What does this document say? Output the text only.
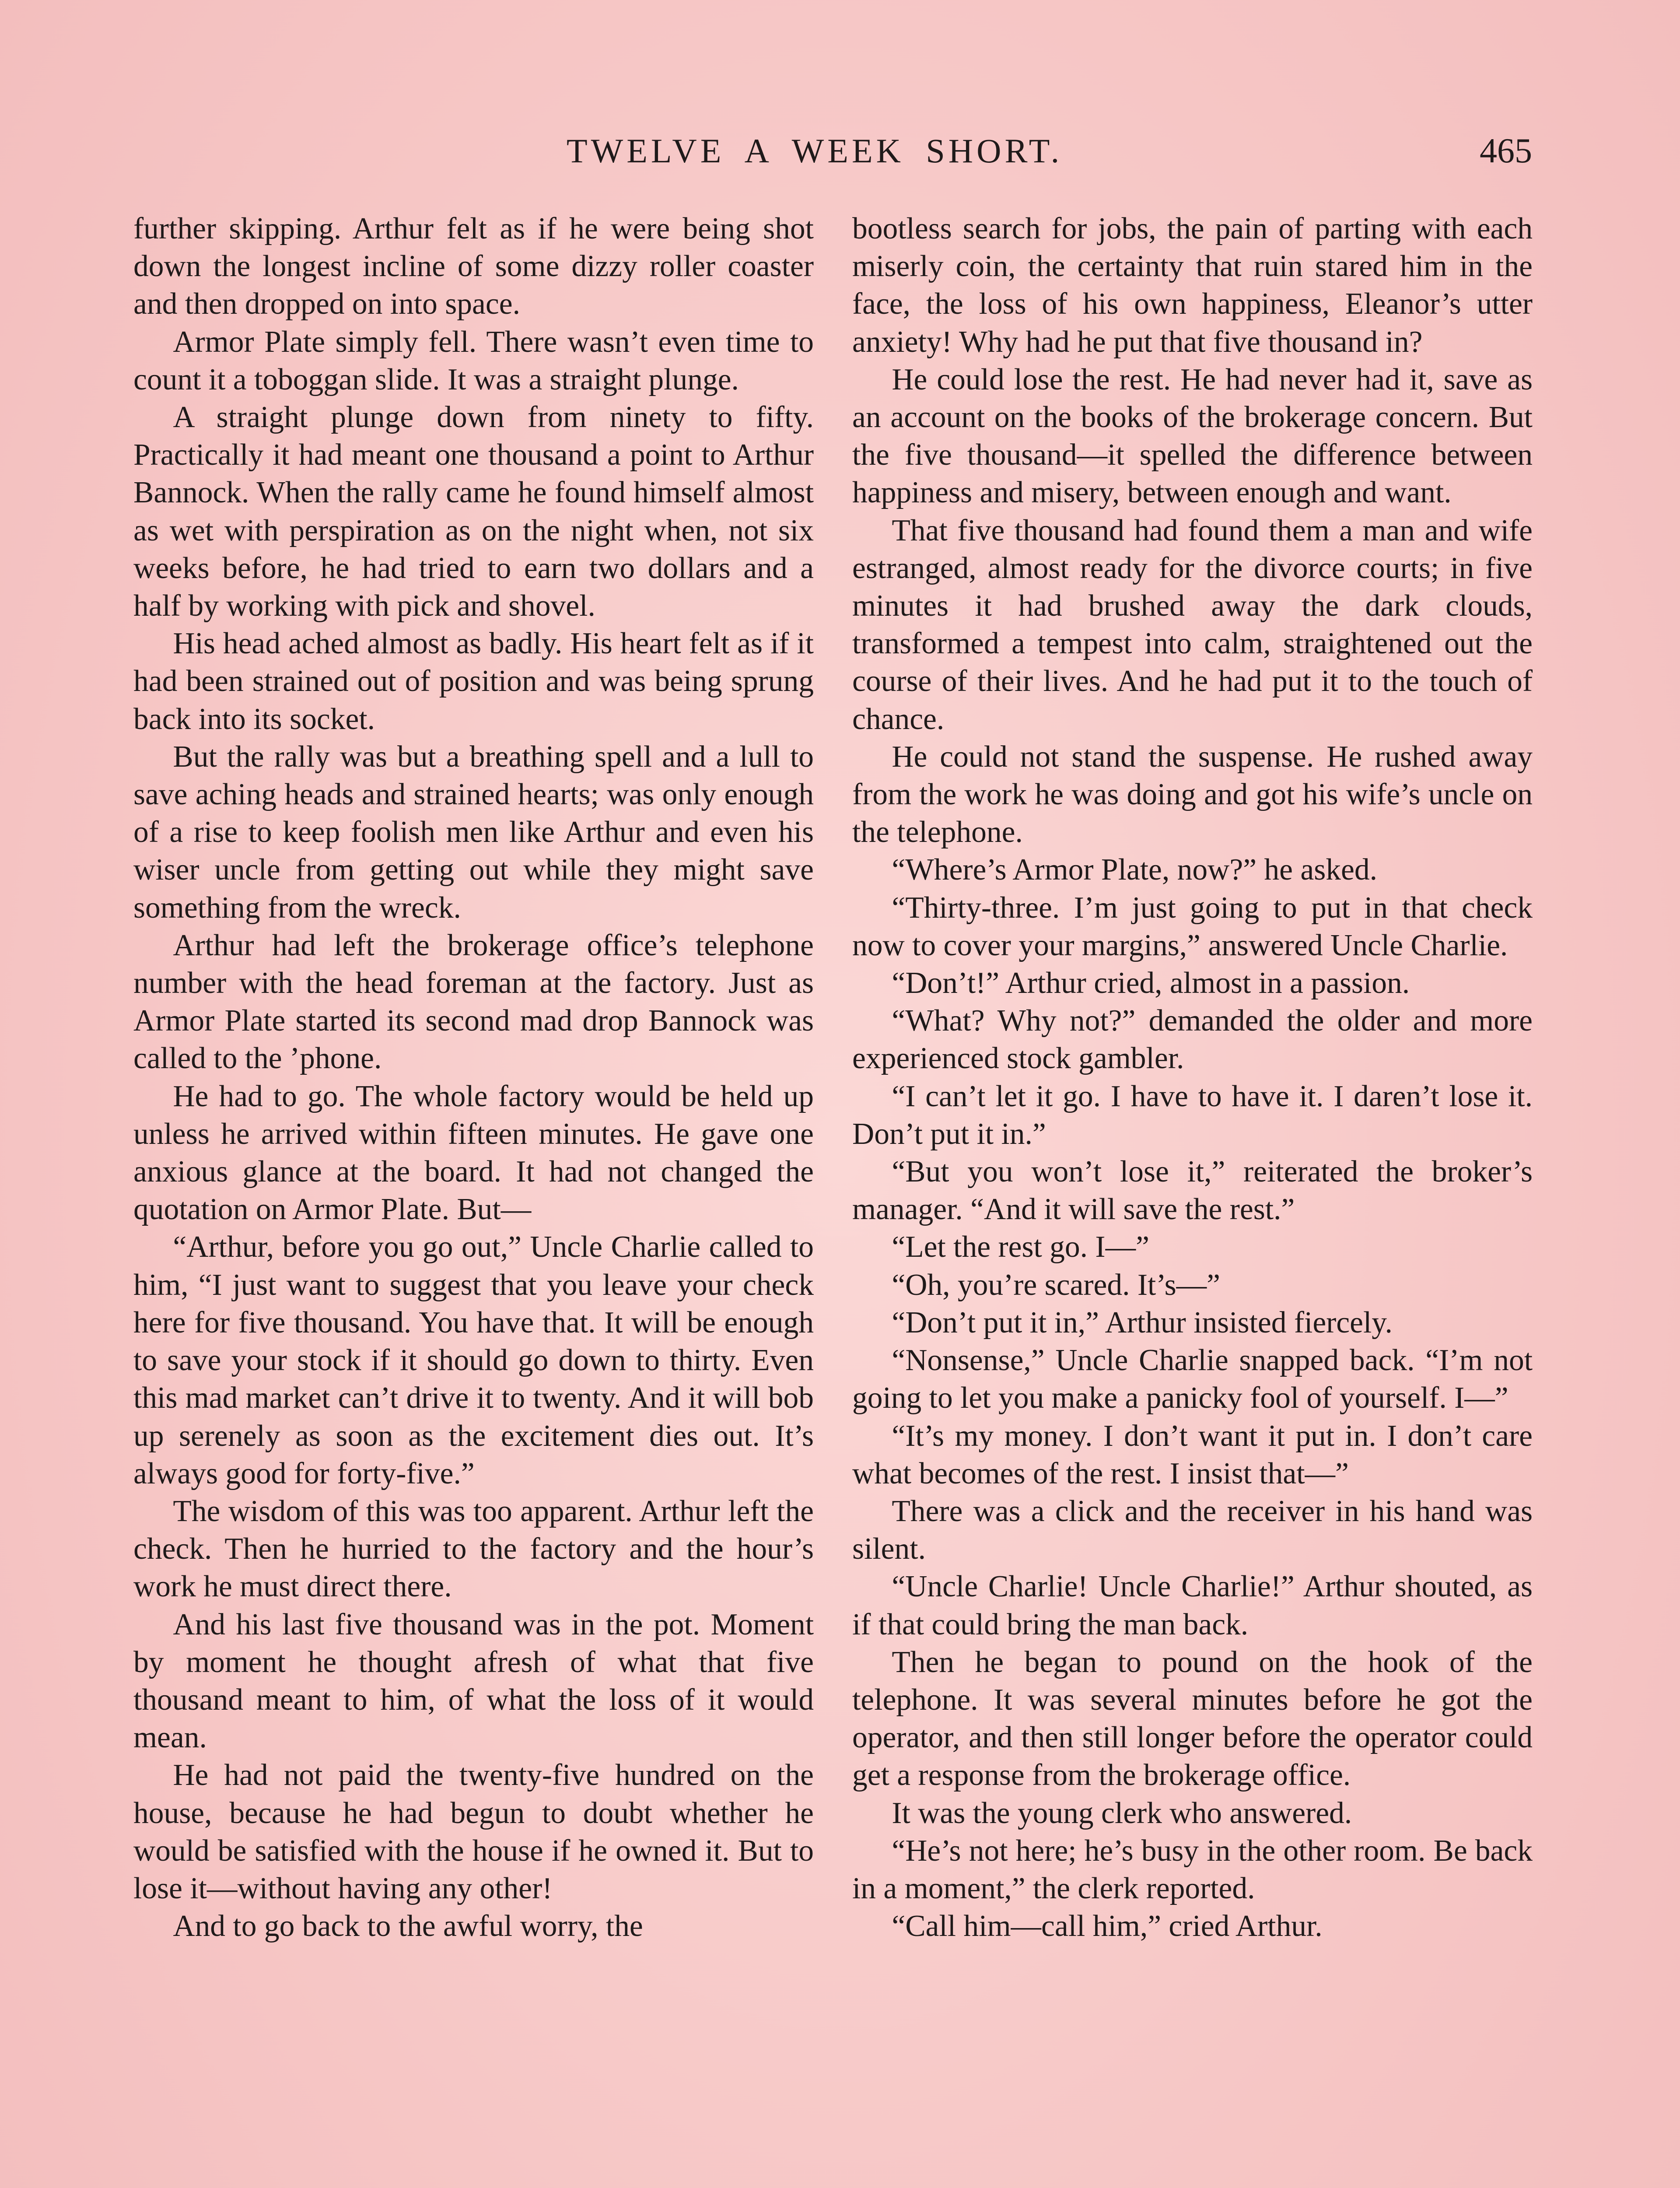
TWELVE A WEEK SHORT.	465

further skipping. Arthur felt as if he were being shot down the longest incline of some dizzy roller coaster and then dropped on into space.

Armor Plate simply fell. There wasn’t even time to count it a toboggan slide. It was a straight plunge.

A straight plunge down from ninety to fifty. Practically it had meant one thousand a point to Arthur Bannock. When the rally came he found himself almost as wet with perspiration as on the night when, not six weeks before, he had tried to earn two dollars and a half by working with pick and shovel.

His head ached almost as badly. His heart felt as if it had been strained out of position and was being sprung back into its socket.

But the rally was but a breathing spell and a lull to save aching heads and strained hearts; was only enough of a rise to keep foolish men like Arthur and even his wiser uncle from getting out while they might save something from the wreck.

Arthur had left the brokerage office’s telephone number with the head foreman at the factory. Just as Armor Plate started its second mad drop Bannock was called to the ’phone.

He had to go. The whole factory would be held up unless he arrived within fifteen minutes. He gave one anxious glance at the board. It had not changed the quotation on Armor Plate. But—

“Arthur, before you go out,” Uncle Charlie called to him, “I just want to suggest that you leave your check here for five thousand. You have that. It will be enough to save your stock if it should go down to thirty. Even this mad market can’t drive it to twenty. And it will bob up serenely as soon as the excitement dies out. It’s always good for forty-five.”

The wisdom of this was too apparent. Arthur left the check. Then he hurried to the factory and the hour’s work he must direct there.

And his last five thousand was in the pot. Moment by moment he thought afresh of what that five thousand meant to him, of what the loss of it would mean.

He had not paid the twenty-five hundred on the house, because he had begun to doubt whether he would be satisfied with the house if he owned it. But to lose it—without having any other!

And to go back to the awful worry, the

bootless search for jobs, the pain of parting with each miserly coin, the certainty that ruin stared him in the face, the loss of his own happiness, Eleanor’s utter anxiety! Why had he put that five thousand in?

He could lose the rest. He had never had it, save as an account on the books of the brokerage concern. But the five thousand—it spelled the difference between happiness and misery, between enough and want.

That five thousand had found them a man and wife estranged, almost ready for the divorce courts; in five minutes it had brushed away the dark clouds, transformed a tempest into calm, straightened out the course of their lives. And he had put it to the touch of chance.

He could not stand the suspense. He rushed away from the work he was doing and got his wife’s uncle on the telephone.

“Where’s Armor Plate, now?” he asked.

“Thirty-three. I’m just going to put in that check now to cover your margins,” answered Uncle Charlie.

“Don’t!” Arthur cried, almost in a passion.

“What? Why not?” demanded the older and more experienced stock gambler.

“I can’t let it go. I have to have it. I daren’t lose it. Don’t put it in.”

“But you won’t lose it,” reiterated the broker’s manager. “And it will save the rest.”

“Let the rest go. I—”

“Oh, you’re scared. It’s—”

“Don’t put it in,” Arthur insisted fiercely.

“Nonsense,” Uncle Charlie snapped back. “I’m not going to let you make a panicky fool of yourself. I—”

“It’s my money. I don’t want it put in. I don’t care what becomes of the rest. I insist that—”

There was a click and the receiver in his hand was silent.

“Uncle Charlie! Uncle Charlie!” Arthur shouted, as if that could bring the man back.

Then he began to pound on the hook of the telephone. It was several minutes before he got the operator, and then still longer before the operator could get a response from the brokerage office.

It was the young clerk who answered.

“He’s not here; he’s busy in the other room. Be back in a moment,” the clerk reported.

“Call him—call him,” cried Arthur.
